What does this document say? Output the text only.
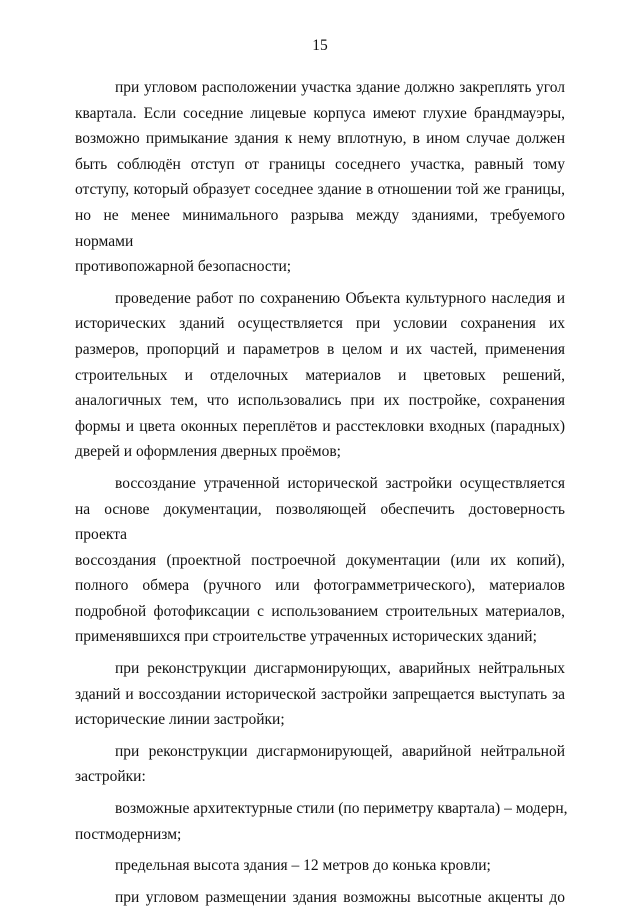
15
при угловом расположении участка здание должно закреплять угол
квартала. Если соседние лицевые корпуса имеют глухие брандмауэры,
возможно примыкание здания к нему вплотную, в ином случае должен
быть соблюдён отступ от границы соседнего участка, равный тому
отступу, который образует соседнее здание в отношении той же границы,
но не менее минимального разрыва между зданиями, требуемого нормами
противопожарной безопасности;
проведение работ по сохранению Объекта культурного наследия и
исторических зданий осуществляется при условии сохранения их
размеров, пропорций и параметров в целом и их частей, применения
строительных и отделочных материалов и цветовых решений,
аналогичных тем, что использовались при их постройке, сохранения
формы и цвета оконных переплётов и расстекловки входных (парадных)
дверей и оформления дверных проёмов;
воссоздание утраченной исторической застройки осуществляется
на основе документации, позволяющей обеспечить достоверность проекта
воссоздания (проектной построечной документации (или их копий),
полного обмера (ручного или фотограмметрического), материалов
подробной фотофиксации с использованием строительных материалов,
применявшихся при строительстве утраченных исторических зданий;
при реконструкции дисгармонирующих, аварийных нейтральных
зданий и воссоздании исторической застройки запрещается выступать за
исторические линии застройки;
при реконструкции дисгармонирующей, аварийной нейтральной
застройки:
возможные архитектурные стили (по периметру квартала) – модерн,
постмодернизм;
предельная высота здания – 12 метров до конька кровли;
при угловом размещении здания возможны высотные акценты до
